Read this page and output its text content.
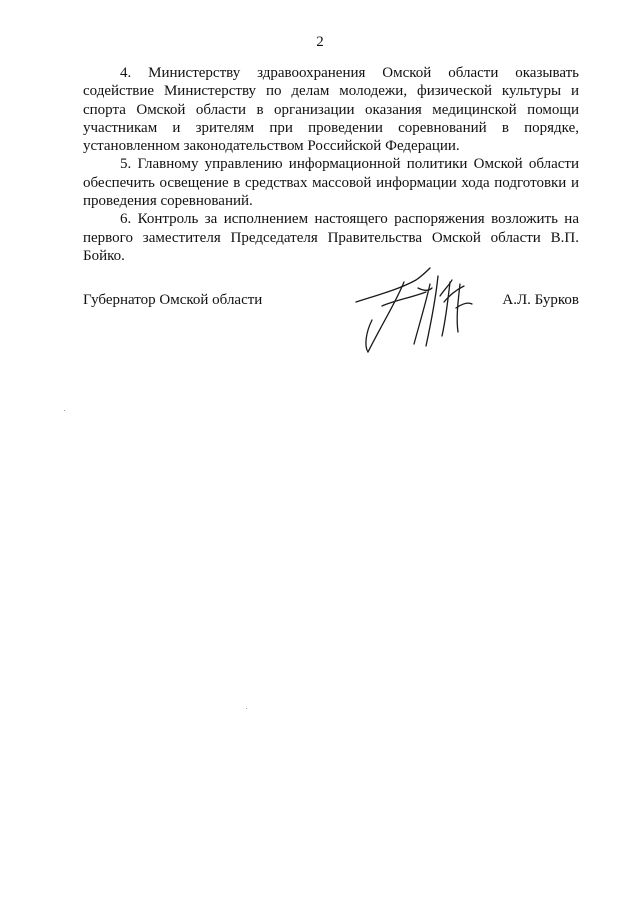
2

4. Министерству здравоохранения Омской области оказывать содействие Министерству по делам молодежи, физической культуры и спорта Омской области в организации оказания медицинской помощи участникам и зрителям при проведении соревнований в порядке, установленном законодательством Российской Федерации.

5. Главному управлению информационной политики Омской области обеспечить освещение в средствах массовой информации хода подготовки и проведения соревнований.

6. Контроль за исполнением настоящего распоряжения возложить на первого заместителя Председателя Правительства Омской области В.П. Бойко.

Губернатор Омской области	А.Л. Бурков
